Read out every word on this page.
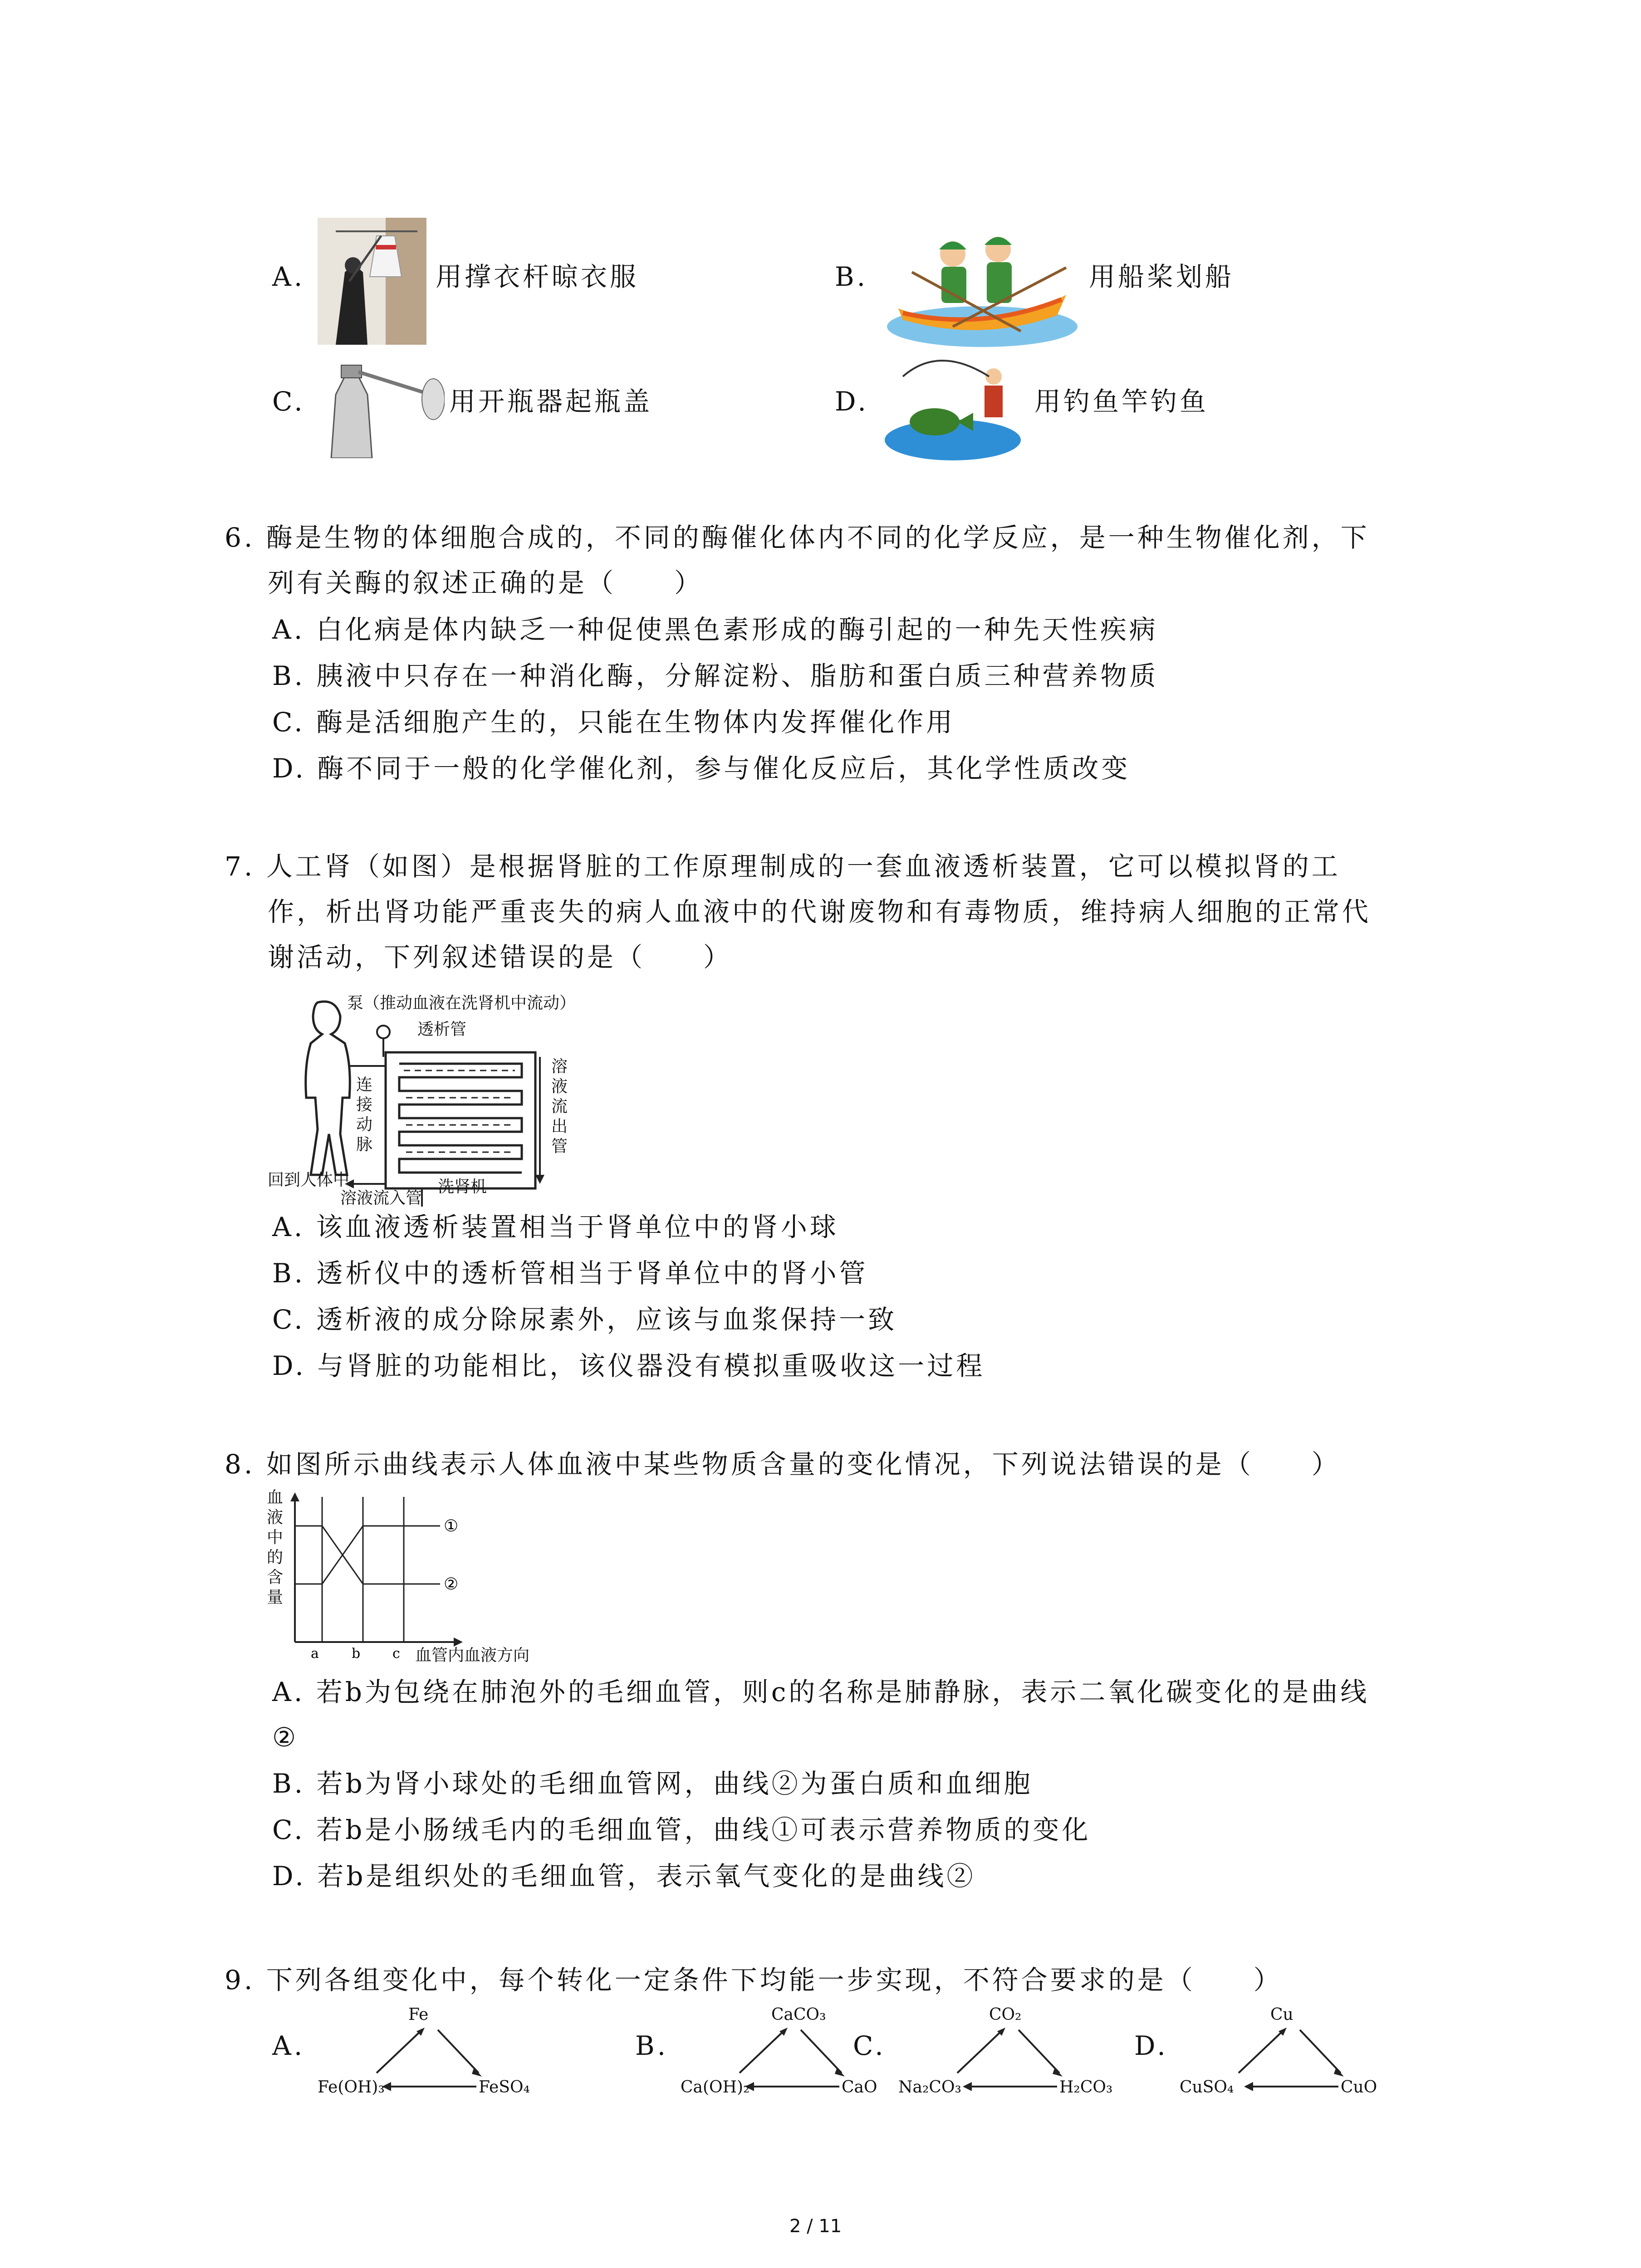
A.	用撑衣杆晾衣服	B.	用船桨划船
C.	用开瓶器起瓶盖	D.	用钓鱼竿钓鱼
6. 酶是生物的体细胞合成的，不同的酶催化体内不同的化学反应，是一种生物催化剂，下
列有关酶的叙述正确的是（　　）
A. 白化病是体内缺乏一种促使黑色素形成的酶引起的一种先天性疾病
B. 胰液中只存在一种消化酶，分解淀粉、脂肪和蛋白质三种营养物质
C. 酶是活细胞产生的，只能在生物体内发挥催化作用
D. 酶不同于一般的化学催化剂，参与催化反应后，其化学性质改变
7. 人工肾（如图）是根据肾脏的工作原理制成的一套血液透析装置，它可以模拟肾的工
作，析出肾功能严重丧失的病人血液中的代谢废物和有毒物质，维持病人细胞的正常代
谢活动，下列叙述错误的是（　　）
泵（推动血液在洗肾机中流动）
透析管
连
接
动
脉
溶
液
流
出
管
回到人体中
溶液流入管
洗肾机
A. 该血液透析装置相当于肾单位中的肾小球
B. 透析仪中的透析管相当于肾单位中的肾小管
C. 透析液的成分除尿素外，应该与血浆保持一致
D. 与肾脏的功能相比，该仪器没有模拟重吸收这一过程
8. 如图所示曲线表示人体血液中某些物质含量的变化情况，下列说法错误的是（　　）
血
液
中
的
含
量
a b c
①
②
血管内血液方向
A. 若b为包绕在肺泡外的毛细血管，则c的名称是肺静脉，表示二氧化碳变化的是曲线
②
B. 若b为肾小球处的毛细血管网，曲线②为蛋白质和血细胞
C. 若b是小肠绒毛内的毛细血管，曲线①可表示营养物质的变化
D. 若b是组织处的毛细血管，表示氧气变化的是曲线②
9. 下列各组变化中，每个转化一定条件下均能一步实现，不符合要求的是（　　）
A.
Fe
Fe(OH)₃	FeSO₄
B.
CaCO₃
Ca(OH)₂	CaO
C.
CO₂
Na₂CO₃	H₂CO₃
D.
Cu
CuSO₄	CuO
2 / 11
